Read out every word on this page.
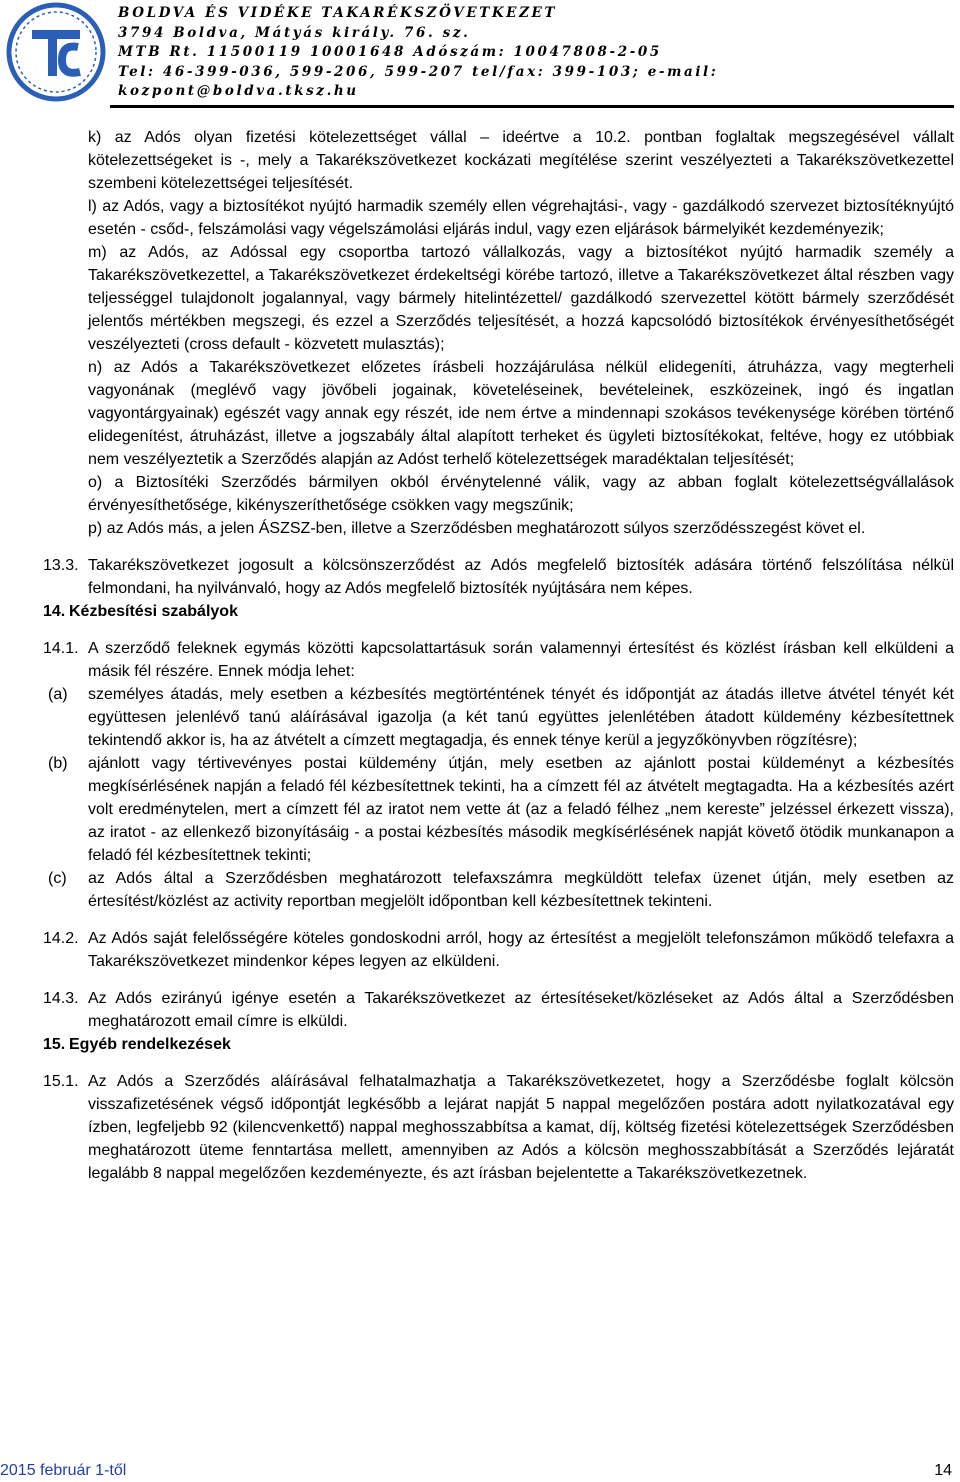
BOLDVA ÉS VIDÉKE TAKARÉKSZÖVETKEZET
3794 Boldva, Mátyás király. 76. sz.
MTB Rt. 11500119 10001648 Adószám: 10047808-2-05
Tel: 46-399-036, 599-206, 599-207 tel/fax: 399-103; e-mail:
kozpont@boldva.tksz.hu

k) az Adós olyan fizetési kötelezettséget vállal – ideértve a 10.2. pontban foglaltak megszegésével vállalt kötelezettségeket is -, mely a Takarékszövetkezet kockázati megítélése szerint veszélyezteti a Takarékszövetkezettel szembeni kötelezettségei teljesítését.

l) az Adós, vagy a biztosítékot nyújtó harmadik személy ellen végrehajtási-, vagy - gazdálkodó szervezet biztosítéknyújtó esetén - csőd-, felszámolási vagy végelszámolási eljárás indul, vagy ezen eljárások bármelyikét kezdeményezik;

m) az Adós, az Adóssal egy csoportba tartozó vállalkozás, vagy a biztosítékot nyújtó harmadik személy a Takarékszövetkezettel, a Takarékszövetkezet érdekeltségi körébe tartozó, illetve a Takarékszövetkezet által részben vagy teljességgel tulajdonolt jogalannyal, vagy bármely hitelintézettel/ gazdálkodó szervezettel kötött bármely szerződését jelentős mértékben megszegi, és ezzel a Szerződés teljesítését, a hozzá kapcsolódó biztosítékok érvényesíthetőségét veszélyezteti (cross default - közvetett mulasztás);

n) az Adós a Takarékszövetkezet előzetes írásbeli hozzájárulása nélkül elidegeníti, átruházza, vagy megterheli vagyonának (meglévő vagy jövőbeli jogainak, követeléseinek, bevételeinek, eszközeinek, ingó és ingatlan vagyontárgyainak) egészét vagy annak egy részét, ide nem értve a mindennapi szokásos tevékenysége körében történő elidegenítést, átruházást, illetve a jogszabály által alapított terheket és ügyleti biztosítékokat, feltéve, hogy ez utóbbiak nem veszélyeztetik a Szerződés alapján az Adóst terhelő kötelezettségek maradéktalan teljesítését;

o) a Biztosítéki Szerződés bármilyen okból érvénytelenné válik, vagy az abban foglalt kötelezettségvállalások érvényesíthetősége, kikényszeríthetősége csökken vagy megszűnik;

p) az Adós más, a jelen ÁSZSZ-ben, illetve a Szerződésben meghatározott súlyos szerződésszegést követ el.

13.3. Takarékszövetkezet jogosult a kölcsönszerződést az Adós megfelelő biztosíték adására történő felszólítása nélkül felmondani, ha nyilvánvaló, hogy az Adós megfelelő biztosíték nyújtására nem képes.

14. Kézbesítési szabályok

14.1. A szerződő feleknek egymás közötti kapcsolattartásuk során valamennyi értesítést és közlést írásban kell elküldeni a másik fél részére. Ennek módja lehet:

(a) személyes átadás, mely esetben a kézbesítés megtörténtének tényét és időpontját az átadás illetve átvétel tényét két együttesen jelenlévő tanú aláírásával igazolja (a két tanú együttes jelenlétében átadott küldemény kézbesítettnek tekintendő akkor is, ha az átvételt a címzett megtagadja, és ennek ténye kerül a jegyzőkönyvben rögzítésre);

(b) ajánlott vagy tértivevényes postai küldemény útján, mely esetben az ajánlott postai küldeményt a kézbesítés megkísérlésének napján a feladó fél kézbesítettnek tekinti, ha a címzett fél az átvételt megtagadta. Ha a kézbesítés azért volt eredménytelen, mert a címzett fél az iratot nem vette át (az a feladó félhez „nem kereste” jelzéssel érkezett vissza), az iratot - az ellenkező bizonyításáig - a postai kézbesítés második megkísérlésének napját követő ötödik munkanapon a feladó fél kézbesítettnek tekinti;

(c) az Adós által a Szerződésben meghatározott telefaxszámra megküldött telefax üzenet útján, mely esetben az értesítést/közlést az activity reportban megjelölt időpontban kell kézbesítettnek tekinteni.

14.2. Az Adós saját felelősségére köteles gondoskodni arról, hogy az értesítést a megjelölt telefonszámon működő telefaxra a Takarékszövetkezet mindenkor képes legyen az elküldeni.

14.3. Az Adós ezirányú igénye esetén a Takarékszövetkezet az értesítéseket/közléseket az Adós által a Szerződésben meghatározott email címre is elküldi.

15. Egyéb rendelkezések

15.1. Az Adós a Szerződés aláírásával felhatalmazhatja a Takarékszövetkezetet, hogy a Szerződésbe foglalt kölcsön visszafizetésének végső időpontját legkésőbb a lejárat napját 5 nappal megelőzően postára adott nyilatkozatával egy ízben, legfeljebb 92 (kilencvenkettő) nappal meghosszabbítsa a kamat, díj, költség fizetési kötelezettségek Szerződésben meghatározott üteme fenntartása mellett, amennyiben az Adós a kölcsön meghosszabbítását a Szerződés lejáratát legalább 8 nappal megelőzően kezdeményezte, és azt írásban bejelentette a Takarékszövetkezetnek.

2015 február 1-től	14
